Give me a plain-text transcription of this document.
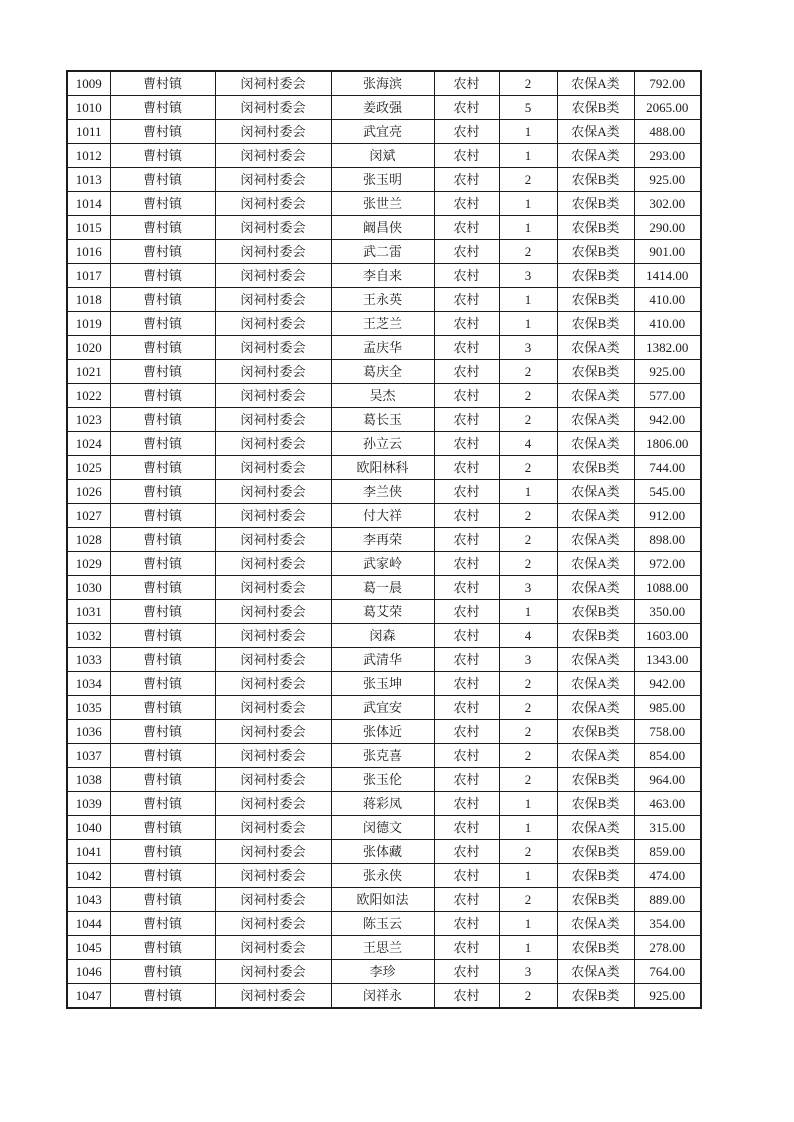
1009	曹村镇	闵祠村委会	张海滨	农村	2	农保A类	792.00
1010	曹村镇	闵祠村委会	姜政强	农村	5	农保B类	2065.00
1011	曹村镇	闵祠村委会	武宜亮	农村	1	农保A类	488.00
1012	曹村镇	闵祠村委会	闵斌	农村	1	农保A类	293.00
1013	曹村镇	闵祠村委会	张玉明	农村	2	农保B类	925.00
1014	曹村镇	闵祠村委会	张世兰	农村	1	农保B类	302.00
1015	曹村镇	闵祠村委会	阚昌侠	农村	1	农保B类	290.00
1016	曹村镇	闵祠村委会	武二雷	农村	2	农保B类	901.00
1017	曹村镇	闵祠村委会	李自来	农村	3	农保B类	1414.00
1018	曹村镇	闵祠村委会	王永英	农村	1	农保B类	410.00
1019	曹村镇	闵祠村委会	王芝兰	农村	1	农保B类	410.00
1020	曹村镇	闵祠村委会	孟庆华	农村	3	农保A类	1382.00
1021	曹村镇	闵祠村委会	葛庆全	农村	2	农保B类	925.00
1022	曹村镇	闵祠村委会	吴杰	农村	2	农保A类	577.00
1023	曹村镇	闵祠村委会	葛长玉	农村	2	农保A类	942.00
1024	曹村镇	闵祠村委会	孙立云	农村	4	农保A类	1806.00
1025	曹村镇	闵祠村委会	欧阳林科	农村	2	农保B类	744.00
1026	曹村镇	闵祠村委会	李兰侠	农村	1	农保A类	545.00
1027	曹村镇	闵祠村委会	付大祥	农村	2	农保A类	912.00
1028	曹村镇	闵祠村委会	李再荣	农村	2	农保A类	898.00
1029	曹村镇	闵祠村委会	武家岭	农村	2	农保A类	972.00
1030	曹村镇	闵祠村委会	葛一晨	农村	3	农保A类	1088.00
1031	曹村镇	闵祠村委会	葛艾荣	农村	1	农保B类	350.00
1032	曹村镇	闵祠村委会	闵森	农村	4	农保B类	1603.00
1033	曹村镇	闵祠村委会	武清华	农村	3	农保A类	1343.00
1034	曹村镇	闵祠村委会	张玉坤	农村	2	农保A类	942.00
1035	曹村镇	闵祠村委会	武宜安	农村	2	农保A类	985.00
1036	曹村镇	闵祠村委会	张体近	农村	2	农保B类	758.00
1037	曹村镇	闵祠村委会	张克喜	农村	2	农保A类	854.00
1038	曹村镇	闵祠村委会	张玉伦	农村	2	农保B类	964.00
1039	曹村镇	闵祠村委会	蒋彩凤	农村	1	农保B类	463.00
1040	曹村镇	闵祠村委会	闵德文	农村	1	农保A类	315.00
1041	曹村镇	闵祠村委会	张体藏	农村	2	农保B类	859.00
1042	曹村镇	闵祠村委会	张永侠	农村	1	农保B类	474.00
1043	曹村镇	闵祠村委会	欧阳如法	农村	2	农保B类	889.00
1044	曹村镇	闵祠村委会	陈玉云	农村	1	农保A类	354.00
1045	曹村镇	闵祠村委会	王思兰	农村	1	农保B类	278.00
1046	曹村镇	闵祠村委会	李珍	农村	3	农保A类	764.00
1047	曹村镇	闵祠村委会	闵祥永	农村	2	农保B类	925.00
